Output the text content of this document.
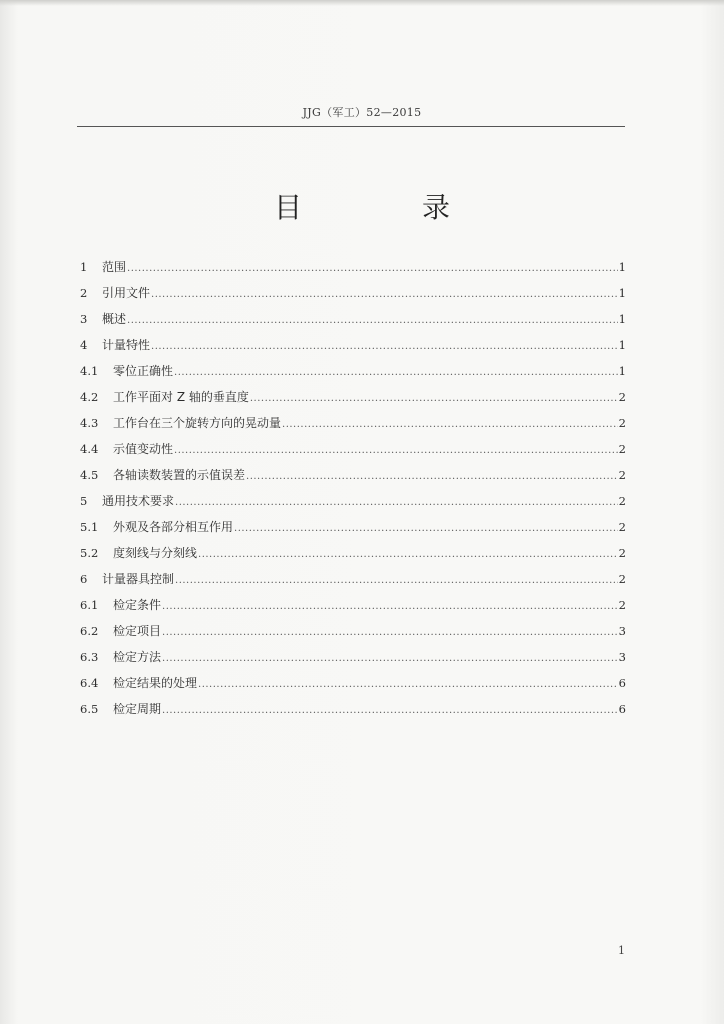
JJG（军工）52—2015
目　录
1	范围 .....	1
2	引用文件 .....	1
3	概述 .....	1
4	计量特性 .....	1
4.1	零位正确性 .....	1
4.2	工作平面对 Z 轴的垂直度 .....	2
4.3	工作台在三个旋转方向的晃动量 .....	2
4.4	示值变动性 .....	2
4.5	各轴读数装置的示值误差 .....	2
5	通用技术要求 .....	2
5.1	外观及各部分相互作用 .....	2
5.2	度刻线与分刻线 .....	2
6	计量器具控制 .....	2
6.1	检定条件 .....	2
6.2	检定项目 .....	3
6.3	检定方法 .....	3
6.4	检定结果的处理 .....	6
6.5	检定周期 .....	6
1
